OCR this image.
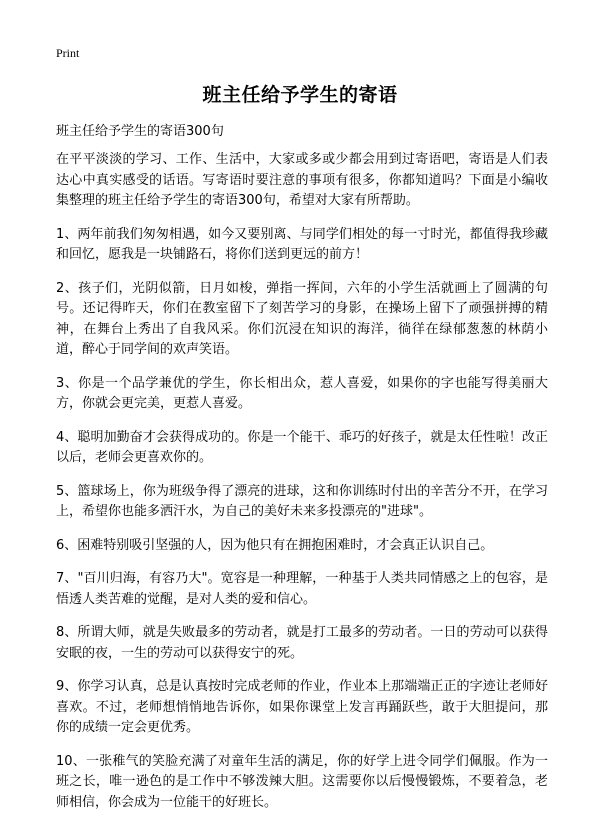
Print
班主任给予学生的寄语
班主任给予学生的寄语300句

在平平淡淡的学习、工作、生活中，大家或多或少都会用到过寄语吧，寄语是人们表达心中真实感受的话语。写寄语时要注意的事项有很多，你都知道吗？下面是小编收集整理的班主任给予学生的寄语300句，希望对大家有所帮助。

1、两年前我们匆匆相遇，如今又要别离、与同学们相处的每一寸时光，都值得我珍藏和回忆，愿我是一块铺路石，将你们送到更远的前方！

2、孩子们，光阴似箭，日月如梭，弹指一挥间，六年的小学生活就画上了圆满的句号。还记得昨天，你们在教室留下了刻苦学习的身影，在操场上留下了顽强拼搏的精神，在舞台上秀出了自我风采。你们沉浸在知识的海洋，徜徉在绿郁葱葱的林荫小道，醉心于同学间的欢声笑语。

3、你是一个品学兼优的学生，你长相出众，惹人喜爱，如果你的字也能写得美丽大方，你就会更完美，更惹人喜爱。

4、聪明加勤奋才会获得成功的。你是一个能干、乖巧的好孩子，就是太任性啦！改正以后，老师会更喜欢你的。

5、篮球场上，你为班级争得了漂亮的进球，这和你训练时付出的辛苦分不开，在学习上，希望你也能多洒汗水，为自己的美好未来多投漂亮的"进球"。

6、困难特别吸引坚强的人，因为他只有在拥抱困难时，才会真正认识自己。

7、"百川归海，有容乃大"。宽容是一种理解，一种基于人类共同情感之上的包容，是悟透人类苦难的觉醒，是对人类的爱和信心。

8、所谓大师，就是失败最多的劳动者，就是打工最多的劳动者。一日的劳动可以获得安眠的夜，一生的劳动可以获得安宁的死。

9、你学习认真，总是认真按时完成老师的作业，作业本上那端端正正的字迹让老师好喜欢。不过，老师想悄悄地告诉你，如果你课堂上发言再踊跃些，敢于大胆提问，那你的成绩一定会更优秀。

10、一张稚气的笑脸充满了对童年生活的满足，你的好学上进令同学们佩服。作为一班之长，唯一逊色的是工作中不够泼辣大胆。这需要你以后慢慢锻炼，不要着急，老师相信，你会成为一位能干的好班长。
